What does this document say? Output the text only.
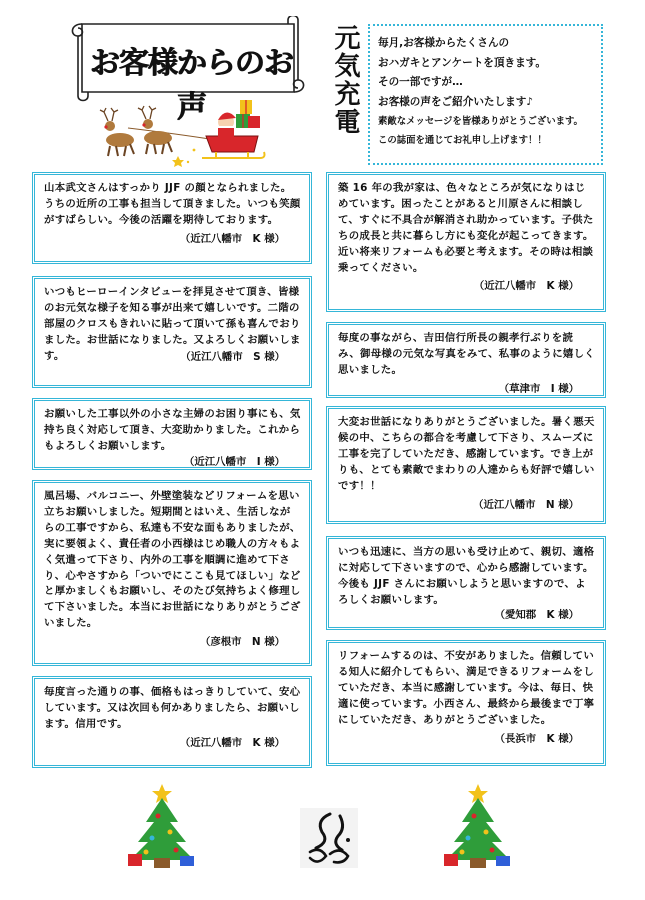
お客様からのお声	元気充電	毎月,お客様からたくさんの
おハガキとアンケートを頂きます。
その一部ですが…
お客様の声をご紹介いたします♪
素敵なメッセージを皆様ありがとうございます。
この誌面を通じてお礼申し上げます！！
山本武文さんはすっかり JJF の顔となられました。うちの近所の工事も担当して頂きました。いつも笑顔がすばらしい。今後の活躍を期待しております。
（近江八幡市　K 様）
いつもヒーローインタビューを拝見させて頂き、皆様のお元気な様子を知る事が出来て嬉しいです。二階の部屋のクロスもきれいに貼って頂いて孫も喜んでおりました。お世話になりました。又よろしくお願いします。	（近江八幡市　S 様）
お願いした工事以外の小さな主婦のお困り事にも、気持ち良く対応して頂き、大変助かりました。これからもよろしくお願いします。
（近江八幡市　I 様）
風呂場、バルコニー、外壁塗装などリフォームを思い立ちお願いしました。短期間とはいえ、生活しながらの工事ですから、私達も不安な面もありましたが、実に要領よく、責任者の小西様はじめ職人の方々もよく気遣って下さり、内外の工事を順調に進めて下さり、心やさすから「ついでにここも見てほしい」などと厚かましくもお願いし、そのたび気持ちよく修理して下さいました。本当にお世話になりありがとうございました。
（彦根市　N 様）
毎度言った通りの事、価格もはっきりしていて、安心しています。又は次回も何かありましたら、お願いします。信用です。
（近江八幡市　K 様）
築 16 年の我が家は、色々なところが気になりはじめています。困ったことがあると川原さんに相談して、すぐに不具合が解消され助かっています。子供たちの成長と共に暮らし方にも変化が起こってきます。近い将来リフォームも必要と考えます。その時は相談乗ってください。
（近江八幡市　K 様）
毎度の事ながら、吉田信行所長の親孝行ぶりを読み、御母様の元気な写真をみて、私事のように嬉しく思いました。
（草津市　I 様）
大変お世話になりありがとうございました。暑く悪天候の中、こちらの都合を考慮して下さり、スムーズに工事を完了していただき、感謝しています。でき上がりも、とても素敵でまわりの人達からも好評で嬉しいです！！
（近江八幡市　N 様）
いつも迅速に、当方の思いも受け止めて、親切、適格に対応して下さいますので、心から感謝しています。今後も JJF さんにお願いしようと思いますので、よろしくお願いします。
（愛知郡　K 様）
リフォームするのは、不安がありました。信頼している知人に紹介してもらい、満足できるリフォームをしていただき、本当に感謝しています。今は、毎日、快適に使っています。小西さん、最終から最後まで丁寧にしていただき、ありがとうございました。
（長浜市　K 様）
